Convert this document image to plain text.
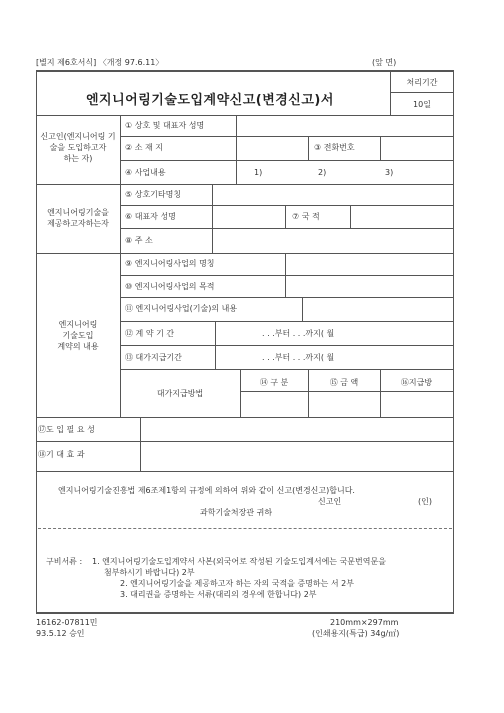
[별지 제6호서식] 〈개정 97.6.11〉	(앞 면)
엔지니어링기술도입계약신고(변경신고)서
처리기간
10일
신고인(엔지니어링 기
술을 도입하고자
하는 자)
① 상호 및 대표자 성명
② 소 재 지	③ 전화번호
④ 사업내용	1)	2)	3)
엔지니어링기술을
제공하고자하는자
⑤ 상호기타명칭
⑥ 대표자 성명	⑦ 국 적
⑧ 주 소
엔지니어링
기술도입
계약의 내용
⑨ 엔지니어링사업의 명칭
⑩ 엔지니어링사업의 목적
⑪ 엔지니어링사업(기술)의 내용
⑫ 계 약 기 간	. . .부터 . . .까지( 월
⑬ 대가지급기간	. . .부터 . . .까지( 월
대가지급방법
⑭ 구 분	⑮ 금 액	⑯지급방
⑰도 입 필 요 성
⑱기 대 효 과
엔지니어링기술진흥법 제6조제1항의 규정에 의하여 위와 같이 신고(변경신고)합니다.
신고인	(인)
과학기술처장관 귀하
구비서류 : 1. 엔지니어링기술도입계약서 사본(외국어로 작성된 기술도입계서에는 국문번역문을
첨부하시기 바랍니다) 2부
2. 엔지니어링기술을 제공하고자 하는 자의 국적을 증명하는 서 2부
3. 대리권을 증명하는 서류(대리의 경우에 한합니다) 2부
16162-07811민
93.5.12 승인
210mm×297mm
(인쇄용지(특급) 34g/㎡)
